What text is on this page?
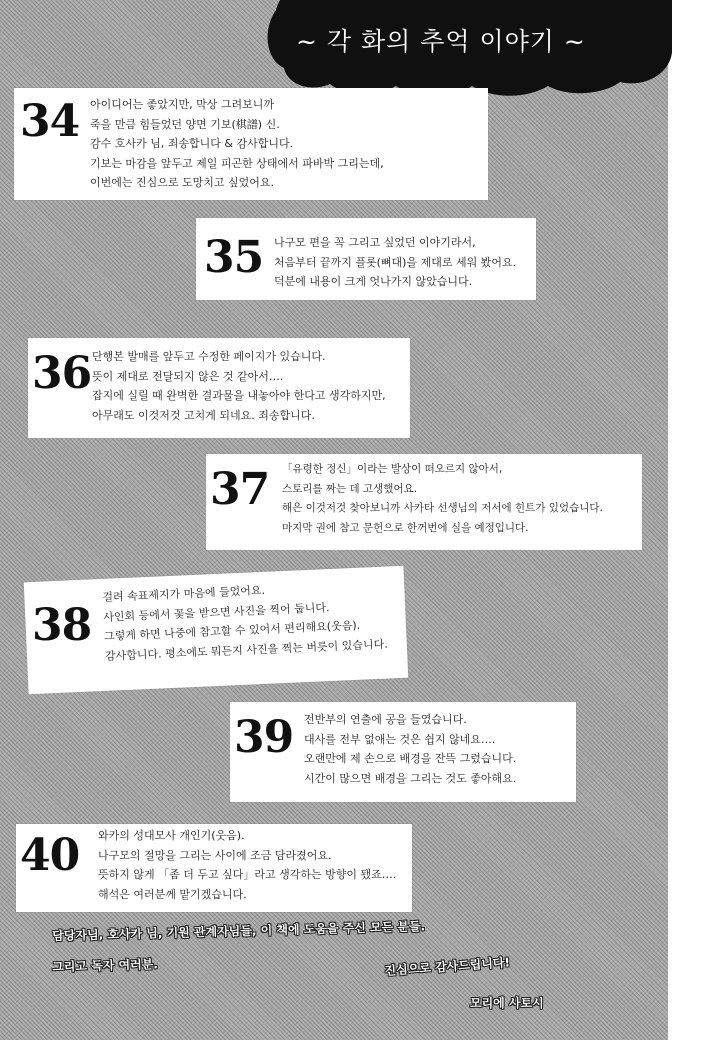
~ 각 화의 추억 이야기 ~
34 아이디어는 좋았지만, 막상 그려보니까
죽을 만큼 힘들었던 양면 기보(棋譜) 신.
감수 호사카 님, 죄송합니다 & 감사합니다.
기보는 마감을 앞두고 제일 피곤한 상태에서 파바박 그리는데,
이번에는 진심으로 도망치고 싶었어요.
35 나구모 편을 꼭 그리고 싶었던 이야기라서,
처음부터 끝까지 플롯(뼈대)을 제대로 세워 봤어요.
덕분에 내용이 크게 엇나가지 않았습니다.
36 단행본 발매를 앞두고 수정한 페이지가 있습니다.
뜻이 제대로 전달되지 않은 것 같아서….
잡지에 실릴 때 완벽한 결과물을 내놓아야 한다고 생각하지만,
아무래도 이것저것 고치게 되네요. 죄송합니다.
37 「유령한 정신」이라는 발상이 떠오르지 않아서,
스토리를 짜는 데 고생했어요.
해은 이것저것 찾아보니까 사카타 선생님의 저서에 힌트가 있었습니다.
마지막 권에 참고 문헌으로 한꺼번에 실을 예정입니다.
38
걸려 속표제지가 마음에 들었어요.
사인회 등에서 꽃을 받으면 사진을 찍어 둡니다.
그렇게 하면 나중에 참고할 수 있어서 편리해요(웃음).
감사합니다. 평소에도 뭐든지 사진을 찍는 버릇이 있습니다.
39 전반부의 연출에 공을 들였습니다.
대사를 전부 없애는 것은 쉽지 않네요….
오랜만에 제 손으로 배경을 잔뜩 그렸습니다.
시간이 많으면 배경을 그리는 것도 좋아해요.
40 와카의 성대모사 개인기(웃음).
나구모의 절망을 그리는 사이에 조금 담라졌어요.
뜻하지 않게 「좀 더 두고 싶다」라고 생각하는 방향이 됐죠….
해석은 여러분께 맡기겠습니다.
담당자님, 호사카 님, 기원 관계자님들, 이 책에 도움을 주신 모든 분들.
그리고 독자 여러분.	진심으로 감사드립니다!
모리에 사토시
